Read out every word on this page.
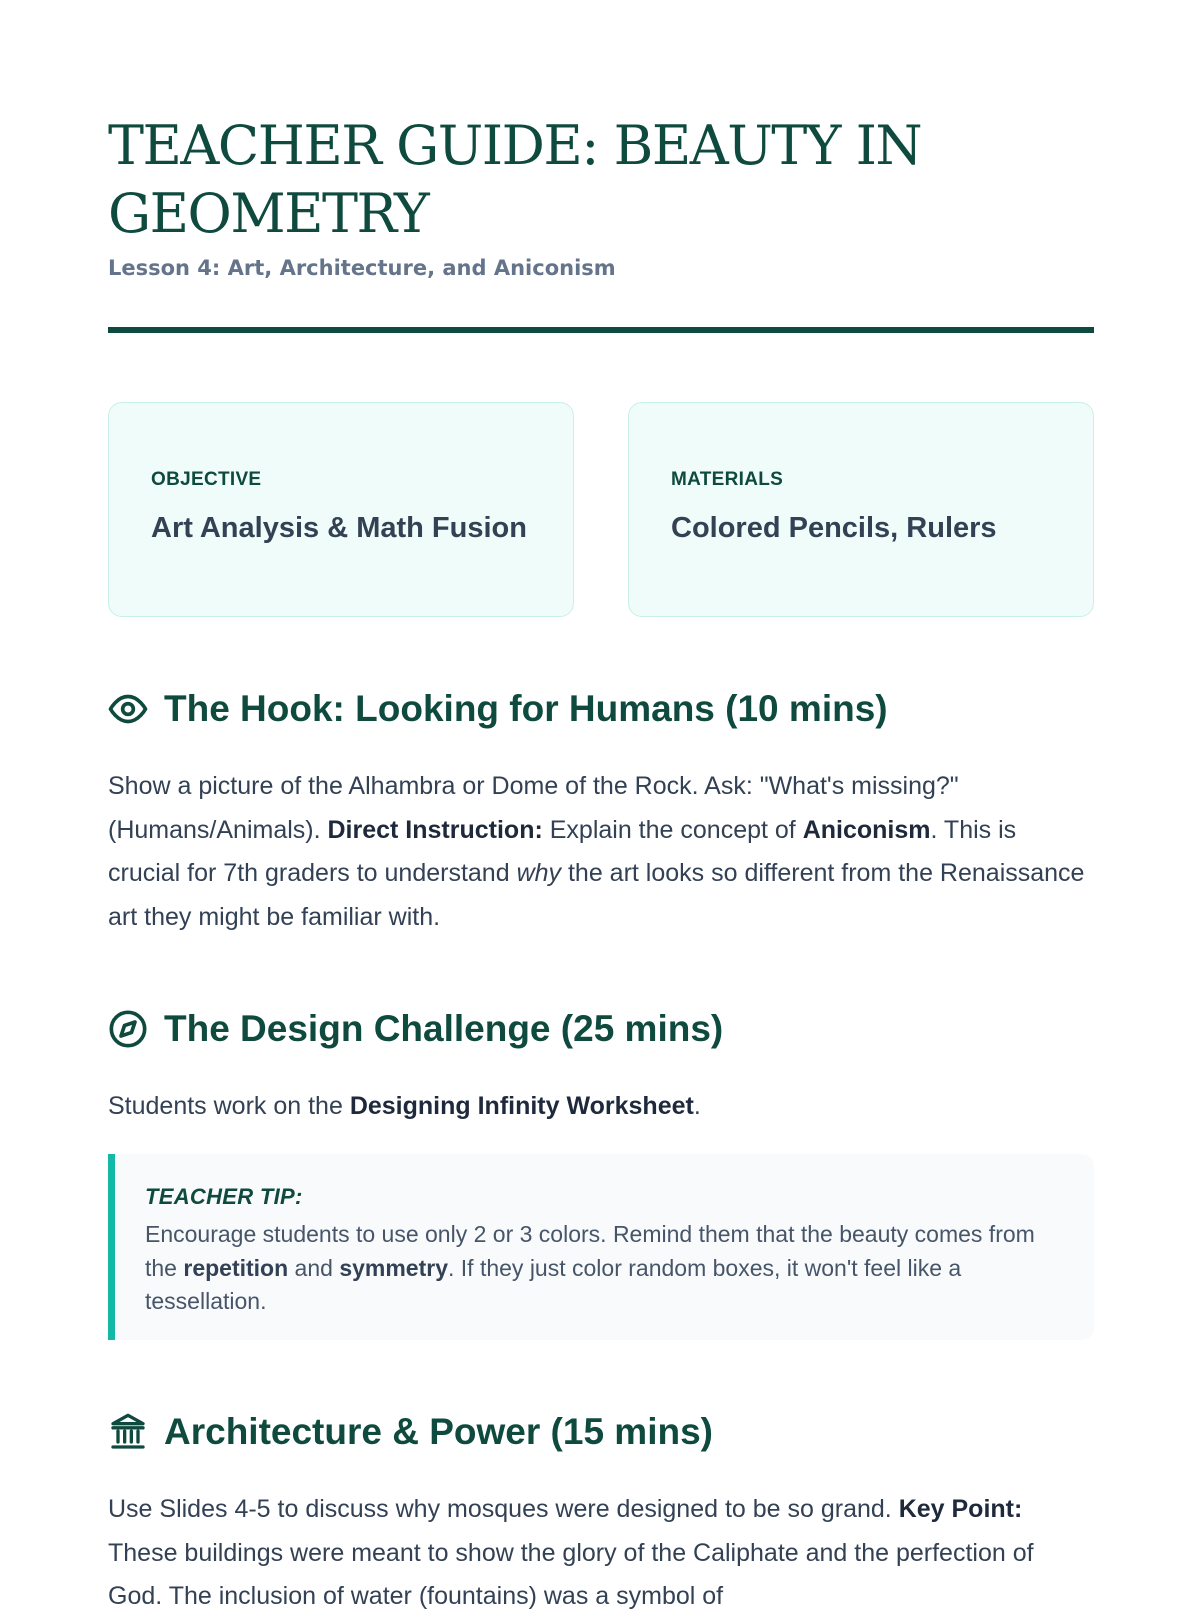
TEACHER GUIDE: BEAUTY IN GEOMETRY
Lesson 4: Art, Architecture, and Aniconism
OBJECTIVE
Art Analysis & Math Fusion
MATERIALS
Colored Pencils, Rulers
The Hook: Looking for Humans (10 mins)

Show a picture of the Alhambra or Dome of the Rock. Ask: "What's missing?" (Humans/Animals). Direct Instruction: Explain the concept of Aniconism. This is crucial for 7th graders to understand why the art looks so different from the Renaissance art they might be familiar with.

The Design Challenge (25 mins)

Students work on the Designing Infinity Worksheet.

TEACHER TIP:
Encourage students to use only 2 or 3 colors. Remind them that the beauty comes from the repetition and symmetry. If they just color random boxes, it won't feel like a tessellation.
Architecture & Power (15 mins)

Use Slides 4-5 to discuss why mosques were designed to be so grand. Key Point: These buildings were meant to show the glory of the Caliphate and the perfection of God. The inclusion of water (fountains) was a symbol of
